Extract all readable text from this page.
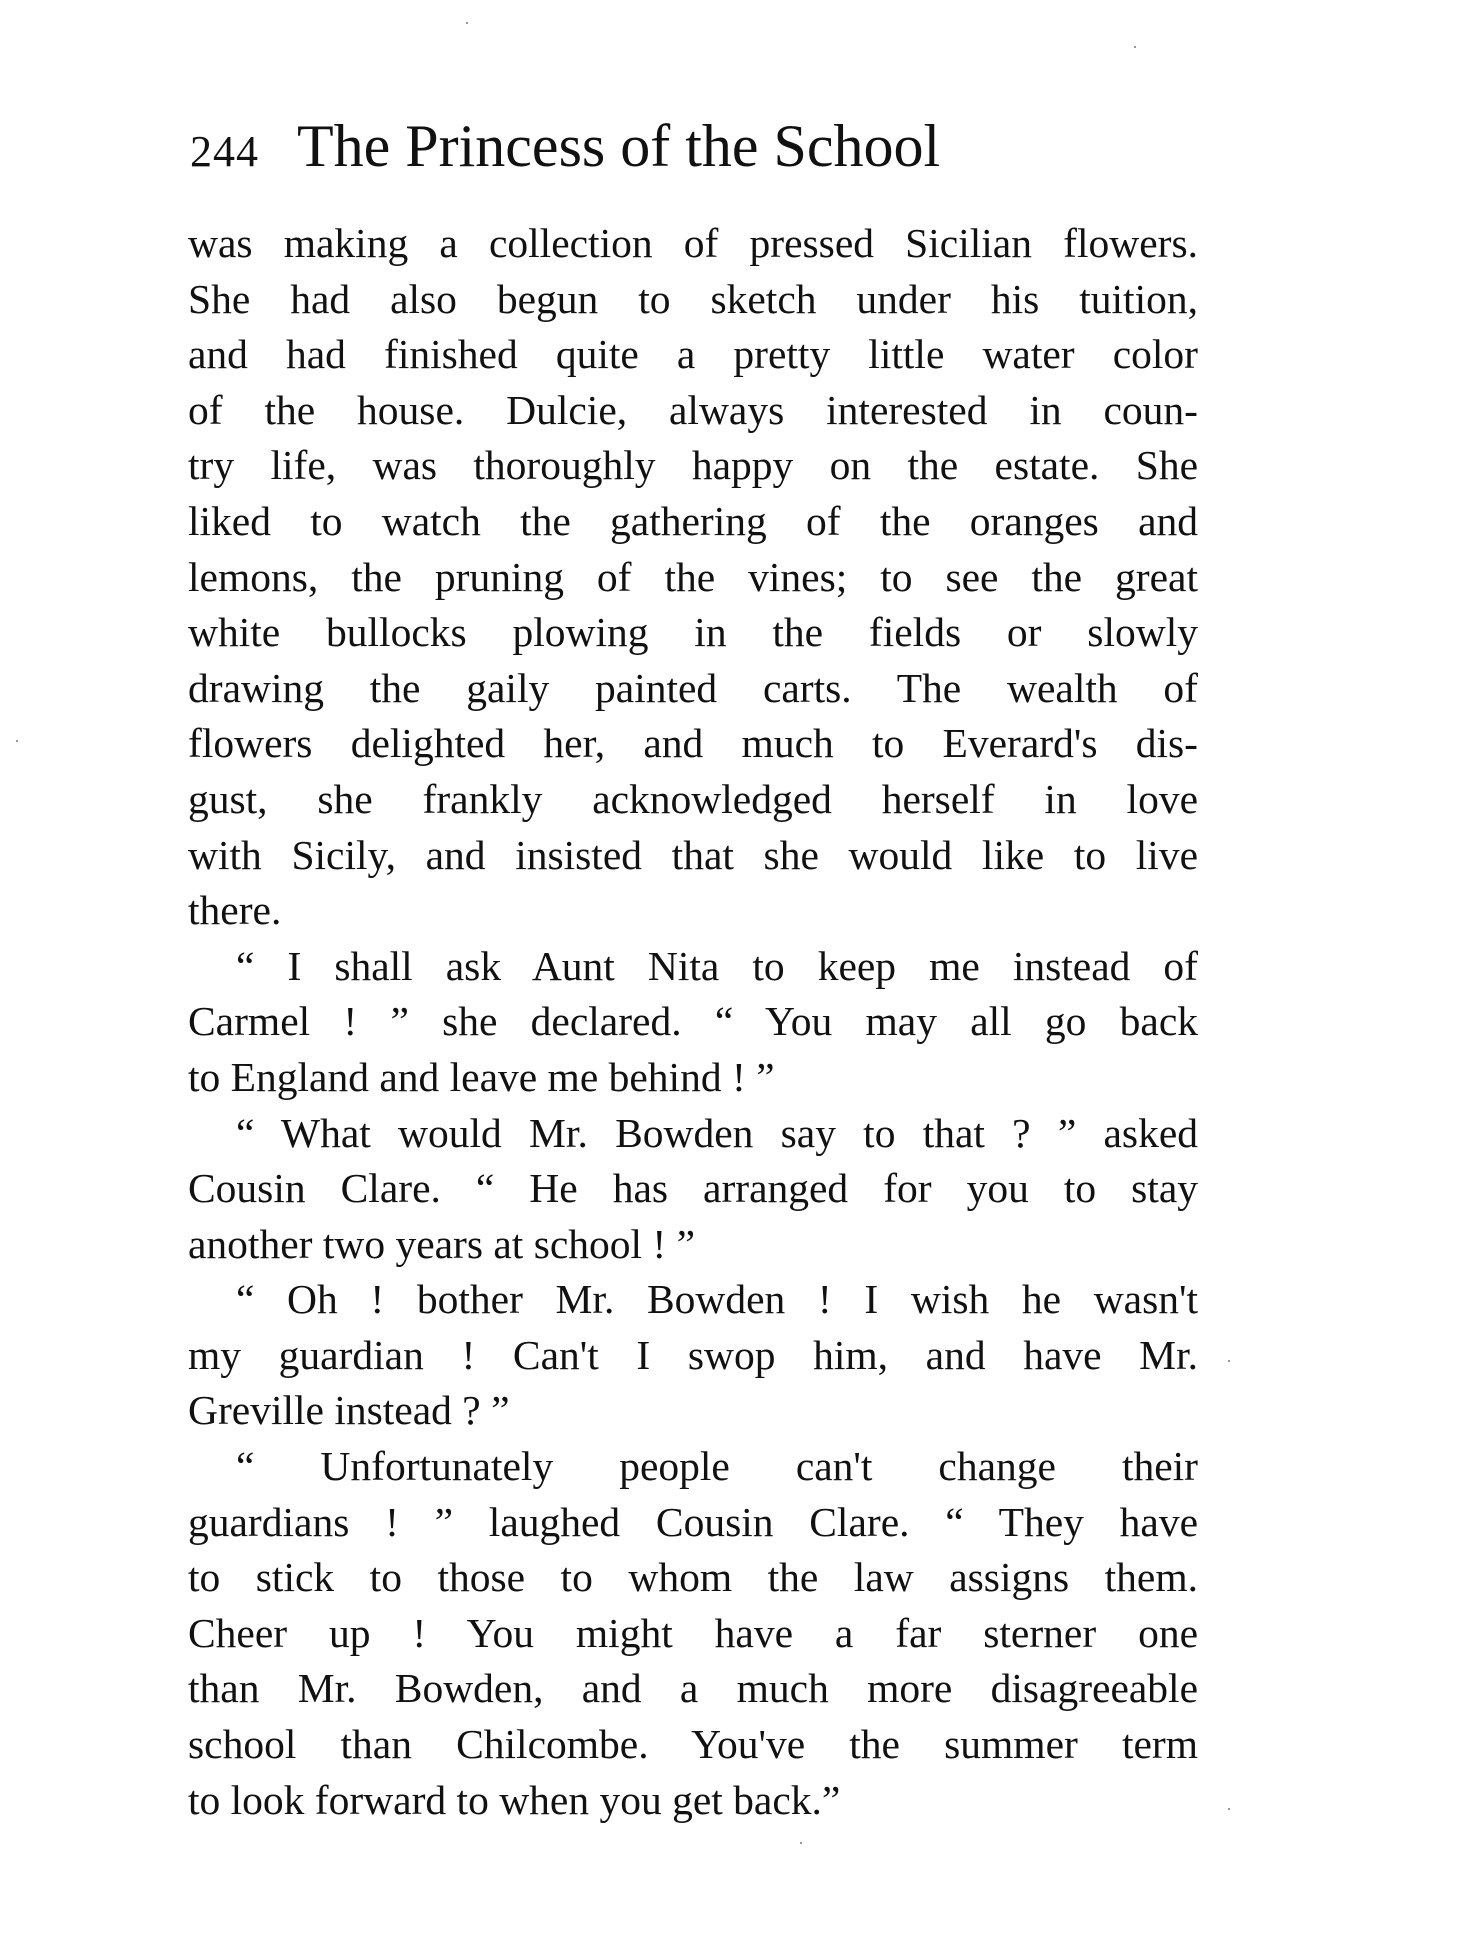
244 The Princess of the School
was making a collection of pressed Sicilian flowers.
She had also begun to sketch under his tuition,
and had finished quite a pretty little water color
of the house. Dulcie, always interested in coun-
try life, was thoroughly happy on the estate. She
liked to watch the gathering of the oranges and
lemons, the pruning of the vines; to see the great
white bullocks plowing in the fields or slowly
drawing the gaily painted carts. The wealth of
flowers delighted her, and much to Everard's dis-
gust, she frankly acknowledged herself in love
with Sicily, and insisted that she would like to live
there.
“ I shall ask Aunt Nita to keep me instead of
Carmel ! ” she declared. “ You may all go back
to England and leave me behind ! ”
“ What would Mr. Bowden say to that ? ” asked
Cousin Clare. “ He has arranged for you to stay
another two years at school ! ”
“ Oh ! bother Mr. Bowden ! I wish he wasn't
my guardian ! Can't I swop him, and have Mr.
Greville instead ? ”
“ Unfortunately people can't change their
guardians ! ” laughed Cousin Clare. “ They have
to stick to those to whom the law assigns them.
Cheer up ! You might have a far sterner one
than Mr. Bowden, and a much more disagreeable
school than Chilcombe. You've the summer term
to look forward to when you get back.”
